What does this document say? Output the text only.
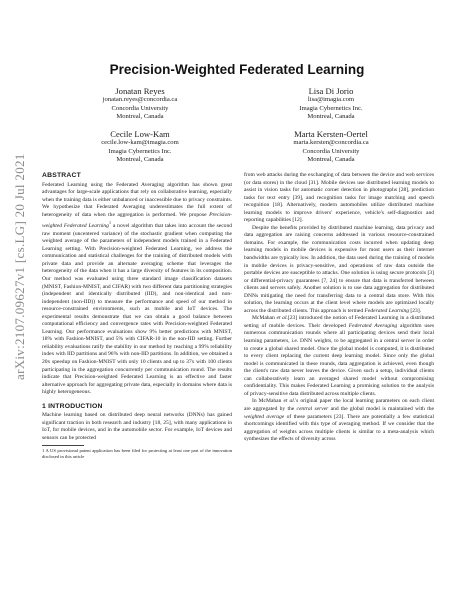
arXiv:2107.09627v1 [cs.LG] 20 Jul 2021
Precision-Weighted Federated Learning
Jonatan Reyes
jonatan.reyes@concordia.ca
Concordia University
Montreal, Canada
Lisa Di Jorio
lisa@imagia.com
Imagia Cybernetics Inc.
Montreal, Canada
Cecile Low-Kam
cecile.low-kam@imagia.com
Imagia Cybernetics Inc.
Montreal, Canada
Marta Kersten-Oertel
marta.kersten@concordia.ca
Concordia University
Montreal, Canada

ABSTRACT

Federated Learning using the Federated Averaging algorithm has shown great advantages for large-scale applications that rely on collaborative learning, especially when the training data is either unbalanced or inaccessible due to privacy constraints. We hypothesize that Federated Averaging underestimates the full extent of heterogeneity of data when the aggregation is performed. We propose Precision-weighted Federated Learning$^1$ a novel algorithm that takes into account the second raw moment (uncentered variance) of the stochastic gradient when computing the weighted average of the parameters of independent models trained in a Federated Learning setting. With Precision-weighted Federated Learning, we address the communication and statistical challenges for the training of distributed models with private data and provide an alternate averaging scheme that leverages the heterogeneity of the data when it has a large diversity of features in its composition. Our method was evaluated using three standard image classification datasets (MNIST, Fashion-MNIST, and CIFAR) with two different data partitioning strategies (independent and identically distributed (IID), and non-identical and non-independent (non-IID)) to measure the performance and speed of our method in resource-constrained environments, such as mobile and IoT devices. The experimental results demonstrate that we can obtain a good balance between computational efficiency and convergence rates with Precision-weighted Federated Learning. Our performance evaluations show 9% better predictions with MNIST, 18% with Fashion-MNIST, and 5% with CIFAR-10 in the non-IID setting. Further reliability evaluations ratify the stability in our method by reaching a 99% reliability index with IID partitions and 96% with non-IID partitions. In addition, we obtained a 20x speedup on Fashion-MNIST with only 10 clients and up to 37x with 100 clients participating in the aggregation concurrently per communication round. The results indicate that Precision-weighted Federated Learning is an effective and faster alternative approach for aggregating private data, especially in domains where data is highly heterogeneous.

1 INTRODUCTION

Machine learning based on distributed deep neural networks (DNNs) has gained significant traction in both research and industry [18, 25], with many applications in IoT, for mobile devices, and in the automobile sector. For example, IoT devices and sensors can be protected

1 A US provisional patent application has been filed for protecting at least one part of the innovation disclosed in this article

from web attacks during the exchanging of data between the device and web services (or data stores) in the cloud [31]. Mobile devices use distributed learning models to assist in vision tasks for automatic corner detection in photographs [28], prediction tasks for text entry [39], and recognition tasks for image matching and speech recognition [18]. Alternatively, modern automobiles utilize distributed machine learning models to improve drivers' experience, vehicle's self-diagnostics and reporting capabilities [12].

Despite the benefits provided by distributed machine learning, data privacy and data aggregation are raising concerns addressed in various resource-constrained domains. For example, the communication costs incurred when updating deep learning models in mobile devices is expensive for most users as their internet bandwidths are typically low. In addition, the data used during the training of models in mobile devices is privacy-sensitive, and operations of raw data outside the portable devices are susceptible to attacks. One solution is using secure protocols [3] or differential-privacy guarantees [7, 24] to ensure that data is transferred between clients and servers safely. Another solution is to use data aggregation for distributed DNNs mitigating the need for transferring data to a central data store. With this solution, the learning occurs at the client level where models are optimized locally across the distributed clients. This approach is termed Federated Learning [23].

McMahan et al.[23] introduced the notion of Federated Learning in a distributed setting of mobile devices. Their developed Federated Averaging algorithm uses numerous communication rounds where all participating devices send their local learning parameters, i.e. DNN weights, to be aggregated in a central server in order to create a global shared model. Once the global model is computed, it is distributed to every client replacing the current deep learning model. Since only the global model is communicated in these rounds, data aggregation is achieved, even though the client's raw data never leaves the device. Given such a setup, individual clients can collaboratively learn an averaged shared model without compromising confidentiality. This makes Federated Learning a promising solution to the analysis of privacy-sensitive data distributed across multiple clients.

In McMahan et al.'s original paper the local learning parameters on each client are aggregated by the central server and the global model is maintained with the weighted average of these parameters [23]. There are potentially a few statistical shortcomings identified with this type of averaging method. If we consider that the aggregation of weights across multiple clients is similar to a meta-analysis which synthesizes the effects of diversity across
